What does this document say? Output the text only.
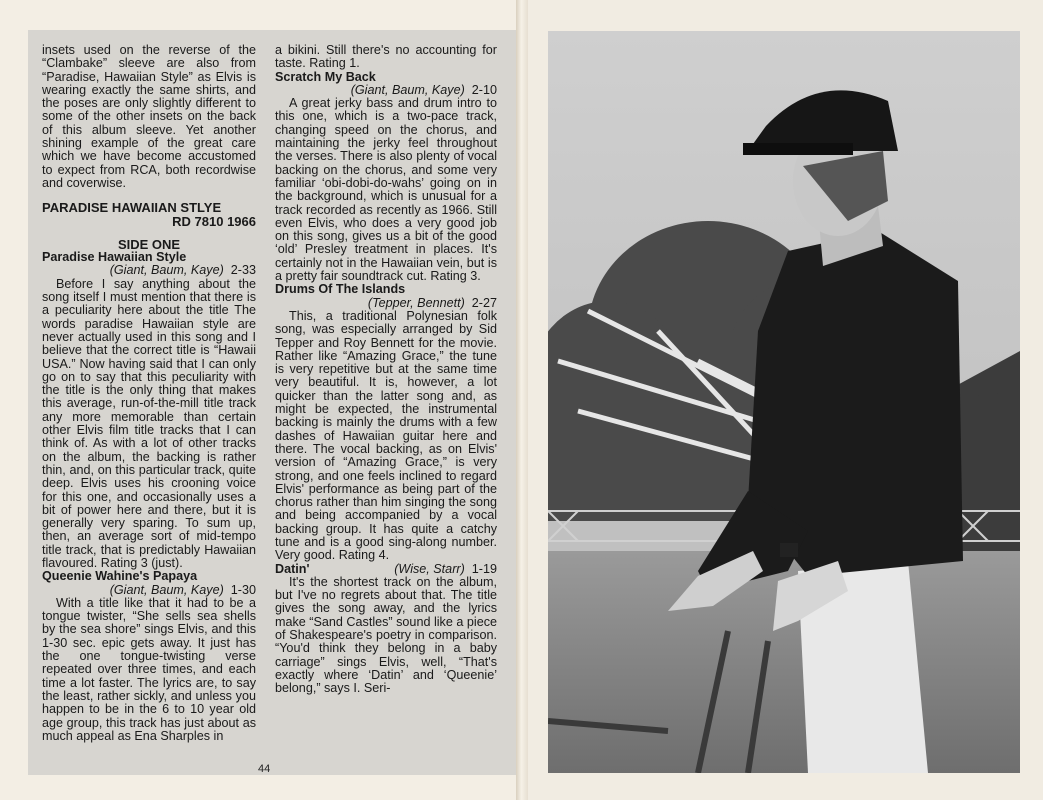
insets used on the reverse of the “Clambake” sleeve are also from “Paradise, Hawaiian Style” as Elvis is wearing exactly the same shirts, and the poses are only slightly different to some of the other insets on the back of this album sleeve. Yet another shining example of the great care which we have become accustomed to expect from RCA, both recordwise and coverwise.

PARADISE HAWAIIAN STLYE
RD 7810 1966
SIDE ONE
Paradise Hawaiian Style
(Giant, Baum, Kaye) 2-33

Before I say anything about the song itself I must mention that there is a peculiarity here about the title The words paradise Hawaiian style are never actually used in this song and I believe that the correct title is “Hawaii USA.” Now having said that I can only go on to say that this peculiarity with the title is the only thing that makes this average, run-of-the-mill title track any more memorable than certain other Elvis film title tracks that I can think of. As with a lot of other tracks on the album, the backing is rather thin, and, on this particular track, quite deep. Elvis uses his crooning voice for this one, and occasionally uses a bit of power here and there, but it is generally very sparing. To sum up, then, an average sort of mid-tempo title track, that is predictably Hawaiian flavoured. Rating 3 (just).

Queenie Wahine's Papaya
(Giant, Baum, Kaye) 1-30

With a title like that it had to be a tongue twister, “She sells sea shells by the sea shore” sings Elvis, and this 1-30 sec. epic gets away. It just has the one tongue-twisting verse repeated over three times, and each time a lot faster. The lyrics are, to say the least, rather sickly, and unless you happen to be in the 6 to 10 year old age group, this track has just about as much appeal as Ena Sharples in

a bikini. Still there's no accounting for taste. Rating 1.

Scratch My Back
(Giant, Baum, Kaye) 2-10

A great jerky bass and drum intro to this one, which is a two-pace track, changing speed on the chorus, and maintaining the jerky feel throughout the verses. There is also plenty of vocal backing on the chorus, and some very familiar ‘obi-dobi-do-wahs’ going on in the background, which is unusual for a track recorded as recently as 1966. Still even Elvis, who does a very good job on this song, gives us a bit of the good ‘old’ Presley treatment in places. It's certainly not in the Hawaiian vein, but is a pretty fair soundtrack cut. Rating 3.

Drums Of The Islands
(Tepper, Bennett) 2-27

This, a traditional Polynesian folk song, was especially arranged by Sid Tepper and Roy Bennett for the movie. Rather like “Amazing Grace,” the tune is very repetitive but at the same time very beautiful. It is, however, a lot quicker than the latter song and, as might be expected, the instrumental backing is mainly the drums with a few dashes of Hawaiian guitar here and there. The vocal backing, as on Elvis' version of “Amazing Grace,” is very strong, and one feels inclined to regard Elvis' performance as being part of the chorus rather than him singing the song and being accompanied by a vocal backing group. It has quite a catchy tune and is a good sing-along number. Very good. Rating 4.

Datin'	(Wise, Starr) 1-19

It's the shortest track on the album, but I've no regrets about that. The title gives the song away, and the lyrics make “Sand Castles” sound like a piece of Shakespeare's poetry in comparison. “You'd think they belong in a baby carriage” sings Elvis, well, “That's exactly where ‘Datin’ and ‘Queenie’ belong,” says I. Seri-

44
